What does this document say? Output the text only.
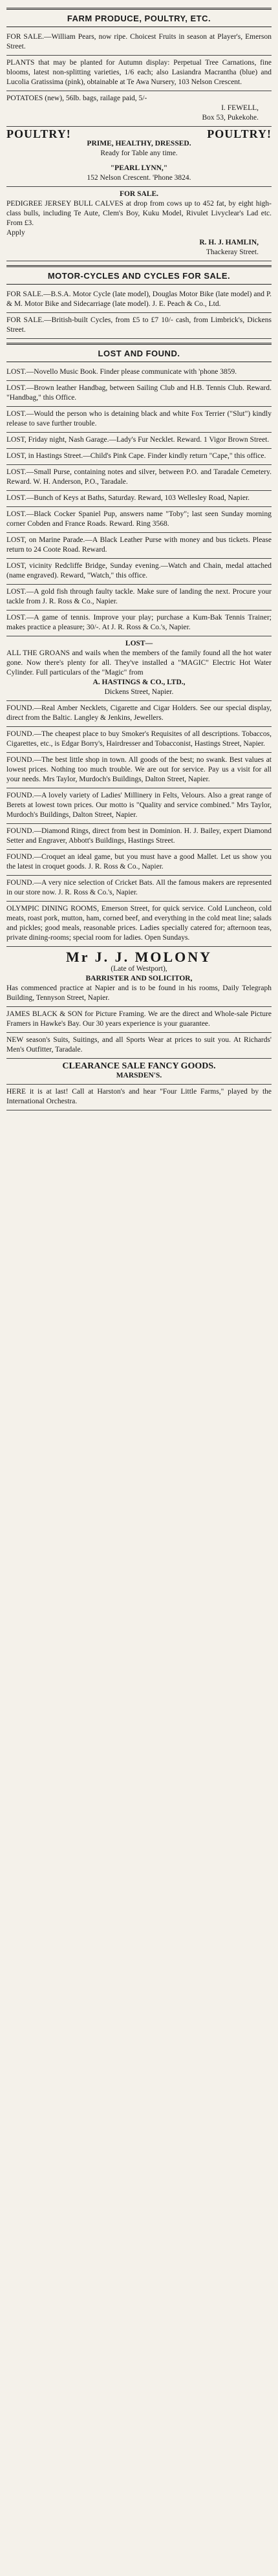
FARM PRODUCE, POULTRY, ETC.

FOR SALE.—William Pears, now ripe. Choicest Fruits in season at Player's, Emerson Street.

PLANTS that may be planted for Autumn display: Perpetual Tree Carnations, fine blooms, latest non-splitting varieties, 1/6 each; also Lasiandra Macrantha (blue) and Lucolia Gratissima (pink), obtainable at Te Awa Nursery, 103 Nelson Crescent.

POTATOES (new), 56lb. bags, railage paid, 5/-

I. FEWELL,

Box 53, Pukekohe.

POULTRY!	POULTRY!

PRIME, HEALTHY, DRESSED.

Ready for Table any time.

"PEARL LYNN,"

152 Nelson Crescent. 'Phone 3824.

FOR SALE.

PEDIGREE JERSEY BULL CALVES at drop from cows up to 452 fat, by eight high-class bulls, including Te Aute, Clem's Boy, Kuku Model, Rivulet Livyclear's Lad etc. From £3.

Apply

R. H. J. HAMLIN,

Thackeray Street.

MOTOR-CYCLES AND CYCLES FOR SALE.

FOR SALE.—B.S.A. Motor Cycle (late model), Douglas Motor Bike (late model) and P. & M. Motor Bike and Sidecarriage (late model). J. E. Peach & Co., Ltd.

FOR SALE.—British-built Cycles, from £5 to £7 10/- cash, from Limbrick's, Dickens Street.

LOST AND FOUND.

LOST.—Novello Music Book. Finder please communicate with 'phone 3859.

LOST.—Brown leather Handbag, between Sailing Club and H.B. Tennis Club. Reward. "Handbag," this Office.

LOST.—Would the person who is detaining black and white Fox Terrier ("Slut") kindly release to save further trouble.

LOST, Friday night, Nash Garage.—Lady's Fur Necklet. Reward. 1 Vigor Brown Street.

LOST, in Hastings Street.—Child's Pink Cape. Finder kindly return "Cape," this office.

LOST.—Small Purse, containing notes and silver, between P.O. and Taradale Cemetery. Reward. W. H. Anderson, P.O., Taradale.

LOST.—Bunch of Keys at Baths, Saturday. Reward, 103 Wellesley Road, Napier.

LOST.—Black Cocker Spaniel Pup, answers name "Toby"; last seen Sunday morning corner Cobden and France Roads. Reward. Ring 3568.

LOST, on Marine Parade.—A Black Leather Purse with money and bus tickets. Please return to 24 Coote Road. Reward.

LOST, vicinity Redcliffe Bridge, Sunday evening.—Watch and Chain, medal attached (name engraved). Reward, "Watch," this office.

LOST.—A gold fish through faulty tackle. Make sure of landing the next. Procure your tackle from J. R. Ross & Co., Napier.

LOST.—A game of tennis. Improve your play; purchase a Kum-Bak Tennis Trainer; makes practice a pleasure; 30/-. At J. R. Ross & Co.'s, Napier.

LOST—

ALL THE GROANS and wails when the members of the family found all the hot water gone. Now there's plenty for all. They've installed a "MAGIC" Electric Hot Water Cylinder. Full particulars of the "Magic" from

A. HASTINGS & CO., LTD.,

Dickens Street, Napier.

FOUND.—Real Amber Necklets, Cigarette and Cigar Holders. See our special display, direct from the Baltic. Langley & Jenkins, Jewellers.

FOUND.—The cheapest place to buy Smoker's Requisites of all descriptions. Tobaccos, Cigarettes, etc., is Edgar Borry's, Hairdresser and Tobacconist, Hastings Street, Napier.

FOUND.—The best little shop in town. All goods of the best; no swank. Best values at lowest prices. Nothing too much trouble. We are out for service. Pay us a visit for all your needs. Mrs Taylor, Murdoch's Buildings, Dalton Street, Napier.

FOUND.—A lovely variety of Ladies' Millinery in Felts, Velours. Also a great range of Berets at lowest town prices. Our motto is "Quality and service combined." Mrs Taylor, Murdoch's Buildings, Dalton Street, Napier.

FOUND.—Diamond Rings, direct from best in Dominion. H. J. Bailey, expert Diamond Setter and Engraver, Abbott's Buildings, Hastings Street.

FOUND.—Croquet an ideal game, but you must have a good Mallet. Let us show you the latest in croquet goods. J. R. Ross & Co., Napier.

FOUND.—A very nice selection of Cricket Bats. All the famous makers are represented in our store now. J. R. Ross & Co.'s, Napier.

OLYMPIC DINING ROOMS, Emerson Street, for quick service. Cold Luncheon, cold meats, roast pork, mutton, ham, corned beef, and everything in the cold meat line; salads and pickles; good meals, reasonable prices. Ladies specially catered for; afternoon teas, private dining-rooms; special room for ladies. Open Sundays.

Mr J. J. MOLONY

(Late of Westport),

BARRISTER AND SOLICITOR,

Has commenced practice at Napier and is to be found in his rooms, Daily Telegraph Building, Tennyson Street, Napier.

JAMES BLACK & SON for Picture Framing. We are the direct and Whole-sale Picture Framers in Hawke's Bay. Our 30 years experience is your guarantee.

NEW season's Suits, Suitings, and all Sports Wear at prices to suit you. At Richards' Men's Outfitter, Taradale.

CLEARANCE SALE FANCY GOODS.

MARSDEN'S.

HERE it is at last! Call at Harston's and hear "Four Little Farms," played by the International Orchestra.
